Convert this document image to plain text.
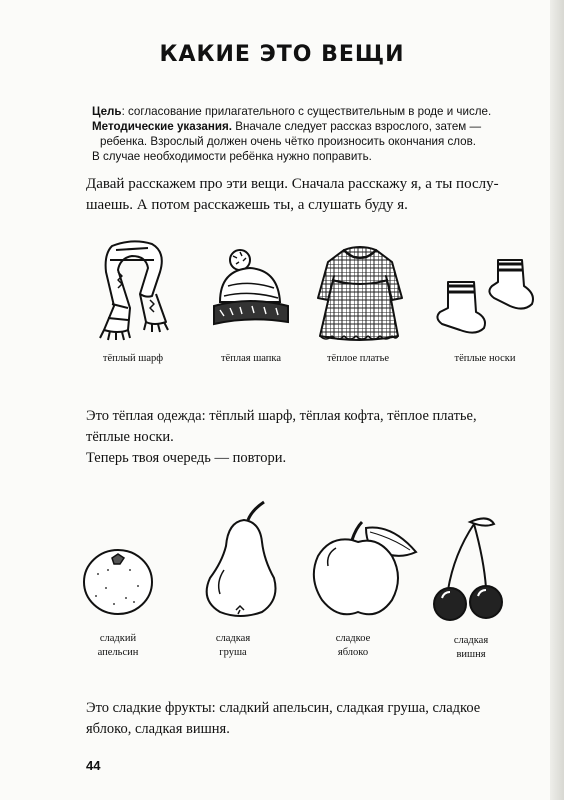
КАКИЕ ЭТО ВЕЩИ
Цель: согласование прилагательного с существительным в роде и числе.
Методические указания. Вначале следует рассказ взрослого, затем —
ребенка. Взрослый должен очень чётко произносить окончания слов.
В случае необходимости ребёнка нужно поправить.
Давай расскажем про эти вещи. Сначала расскажу я, а ты послу-
шаешь. А потом расскажешь ты, а слушать буду я.
тёплый шарф	тёплая шапка	тёплое платье	тёплые носки
Это тёплая одежда: тёплый шарф, тёплая кофта, тёплое платье,
тёплые носки.
Теперь твоя очередь — повтори.
сладкий
апельсин
сладкая
груша
сладкое
яблоко
сладкая
вишня
Это сладкие фрукты: сладкий апельсин, сладкая груша, сладкое
яблоко, сладкая вишня.
44
